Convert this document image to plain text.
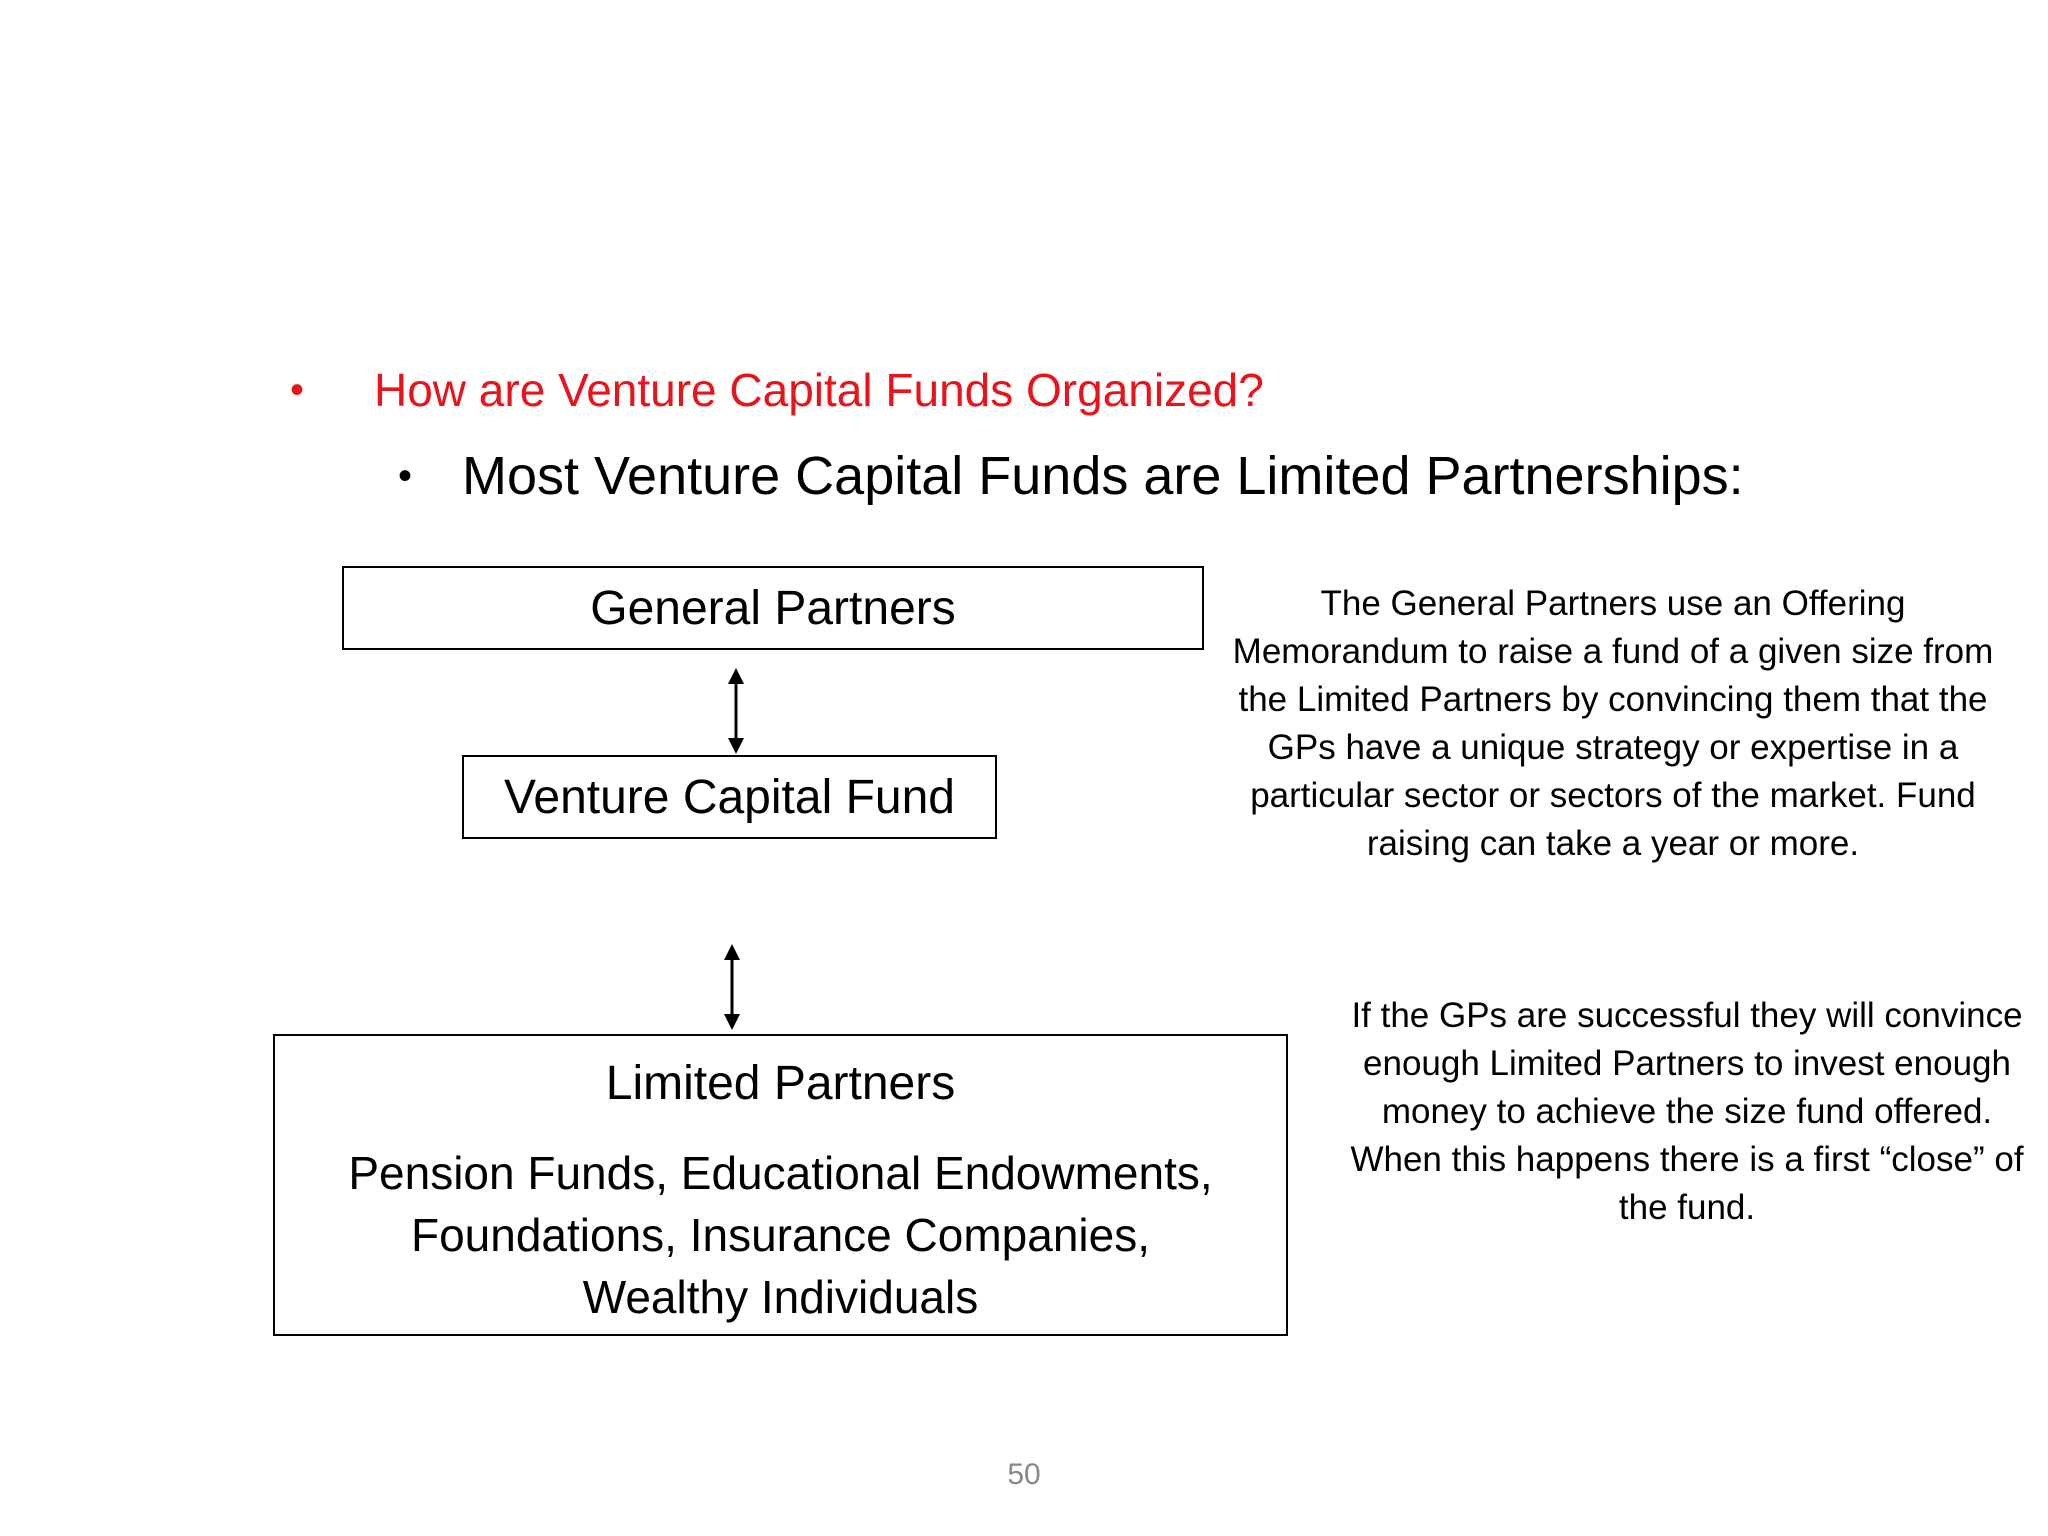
• How are Venture Capital Funds Organized?
• Most Venture Capital Funds are Limited Partnerships:
General Partners
Venture Capital Fund
Limited Partners
Pension Funds, Educational Endowments, Foundations, Insurance Companies, Wealthy Individuals
The General Partners use an Offering Memorandum to raise a fund of a given size from the Limited Partners by convincing them that the GPs have a unique strategy or expertise in a particular sector or sectors of the market. Fund raising can take a year or more.
If the GPs are successful they will convince enough Limited Partners to invest enough money to achieve the size fund offered. When this happens there is a first “close” of the fund.
50
